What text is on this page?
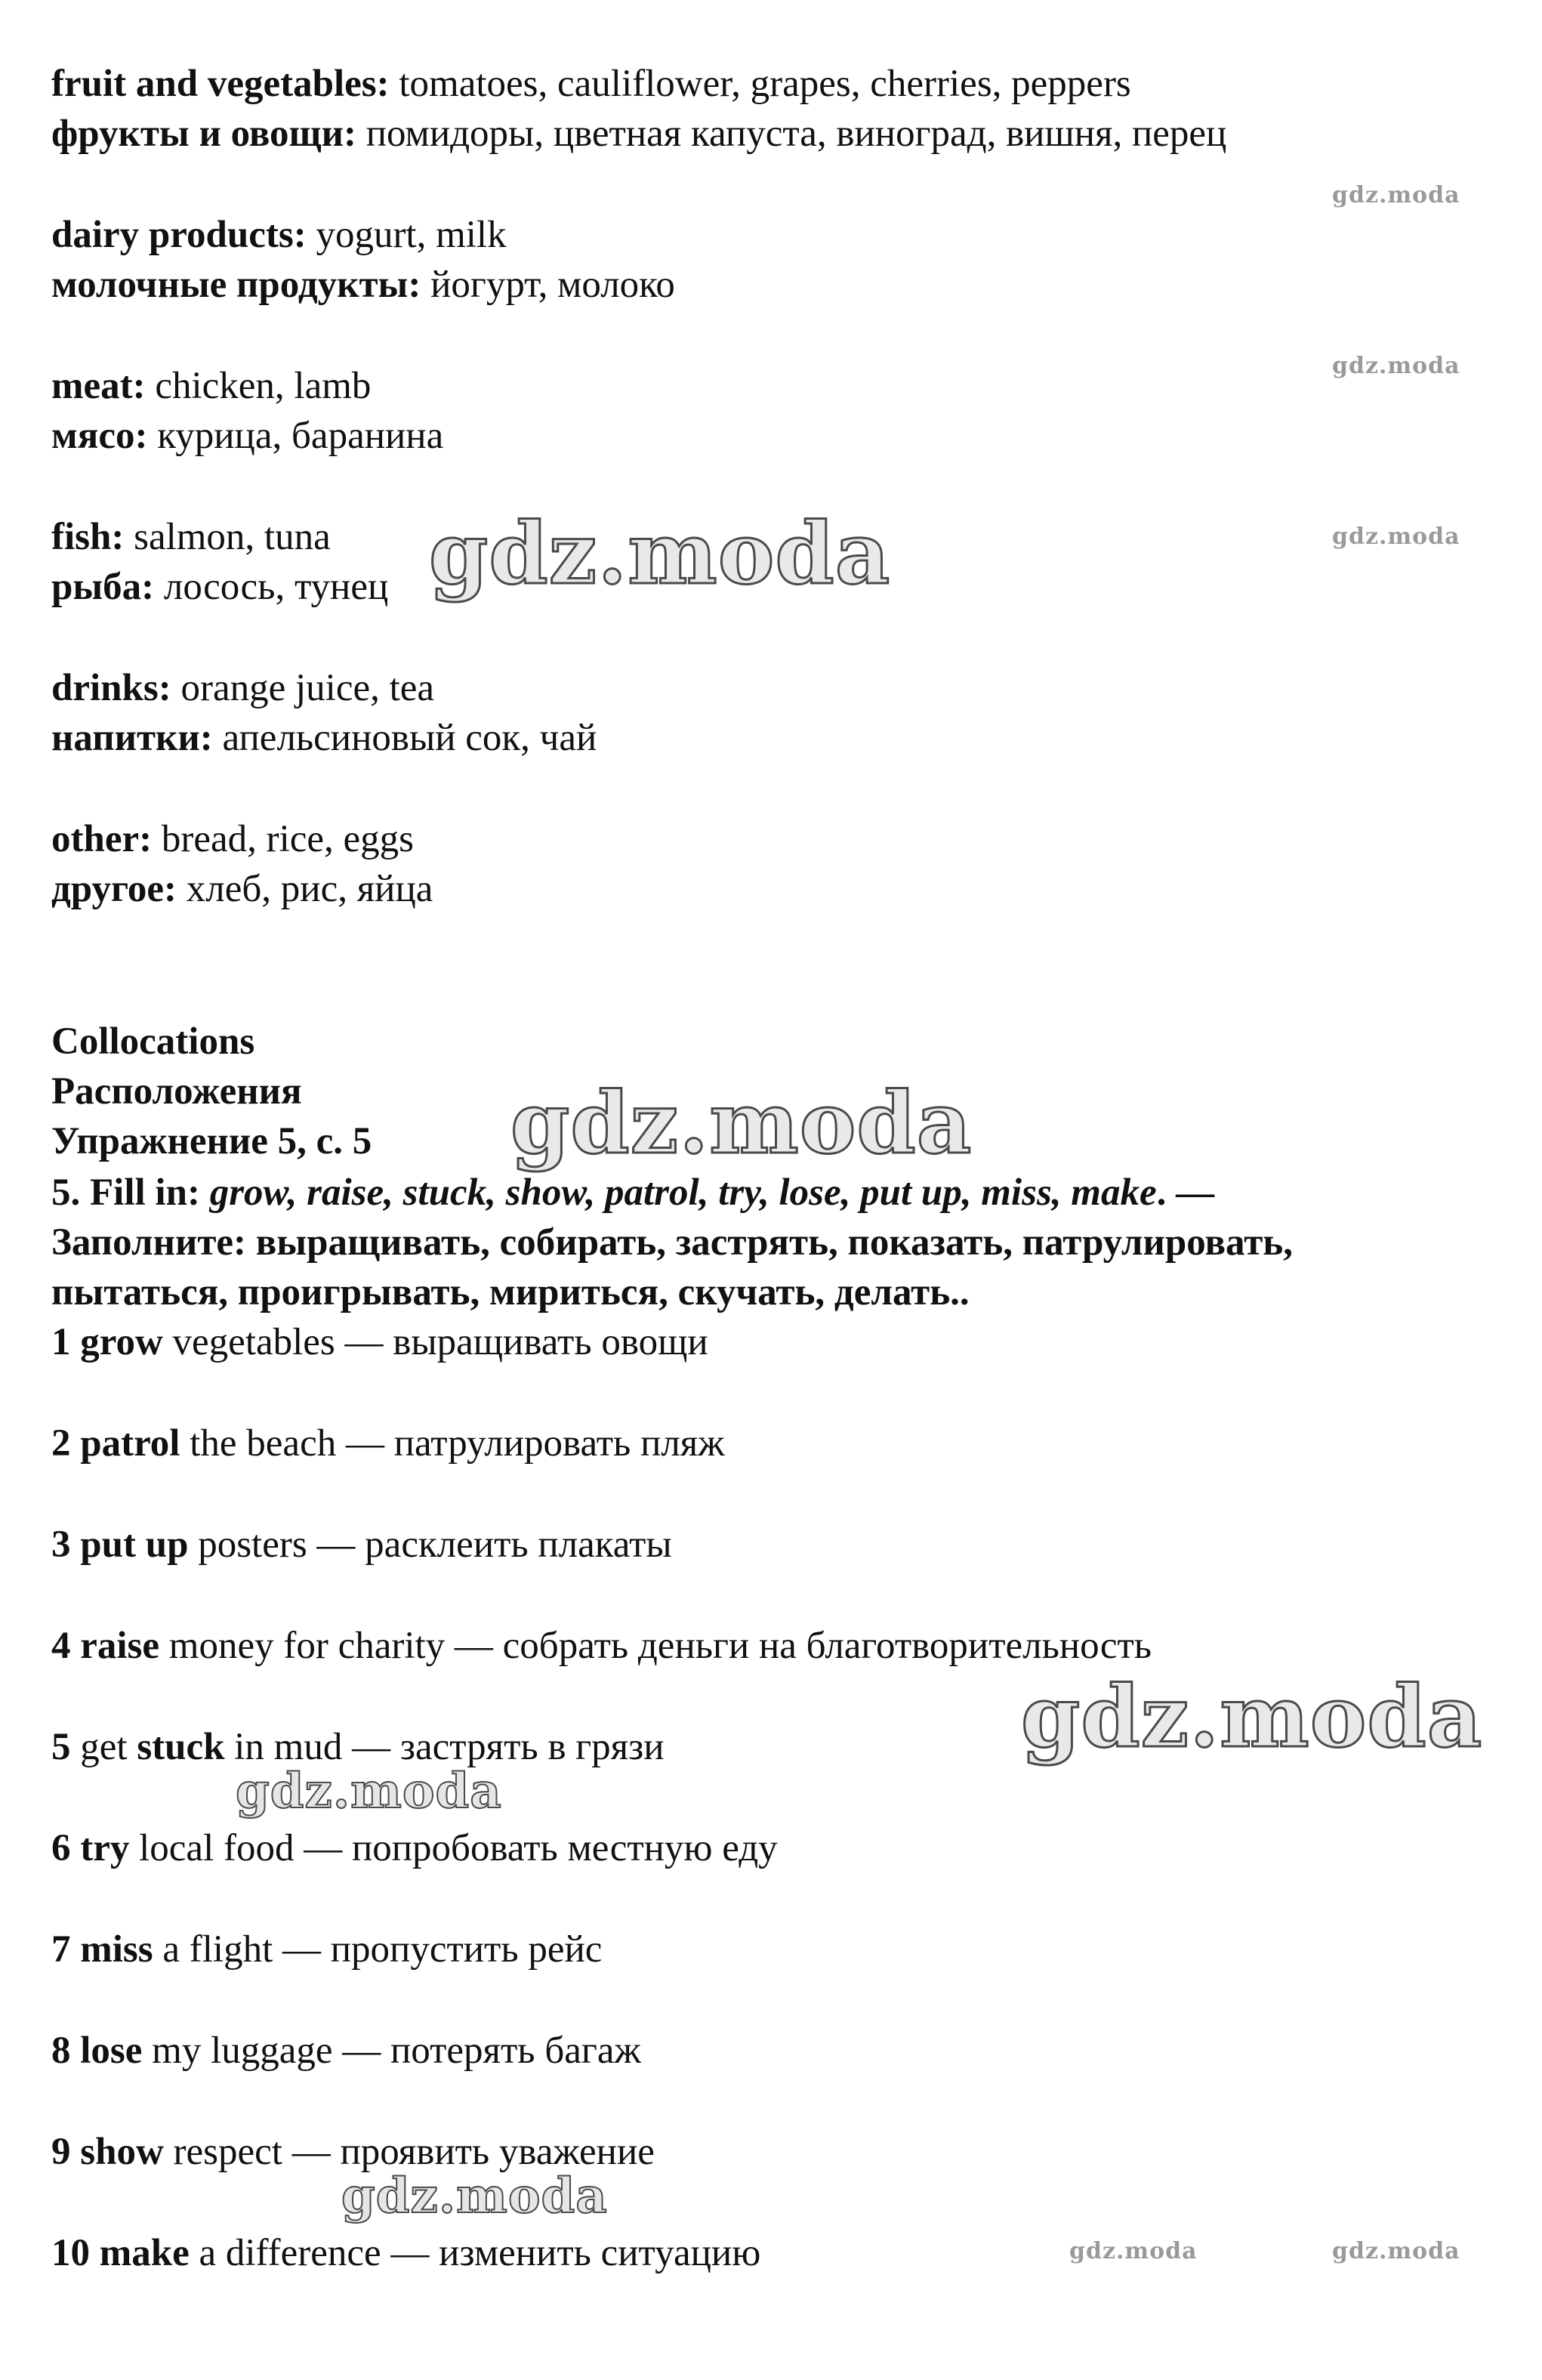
fruit and vegetables: tomatoes, cauliflower, grapes, cherries, peppers

фрукты и овощи: помидоры, цветная капуста, виноград, вишня, перец

dairy products: yogurt, milk

молочные продукты: йогурт, молоко

meat: chicken, lamb

мясо: курица, баранина

fish: salmon, tuna

рыба: лосось, тунец

drinks: orange juice, tea

напитки: апельсиновый сок, чай

other: bread, rice, eggs

другое: хлеб, рис, яйца

Collocations

Расположения

Упражнение 5, с. 5

5. Fill in: grow, raise, stuck, show, patrol, try, lose, put up, miss, make. —

Заполните: выращивать, собирать, застрять, показать, патрулировать,

пытаться, проигрывать, мириться, скучать, делать..

1 grow vegetables — выращивать овощи

2 patrol the beach — патрулировать пляж

3 put up posters — расклеить плакаты

4 raise money for charity — собрать деньги на благотворительность

5 get stuck in mud — застрять в грязи

6 try local food — попробовать местную еду

7 miss a flight — пропустить рейс

8 lose my luggage — потерять багаж

9 show respect — проявить уважение

10 make a difference — изменить ситуацию

gdz.moda

gdz.moda

gdz.moda

gdz.moda

gdz.moda

gdz.moda

gdz.moda

gdz.moda

gdz.moda	gdz.moda
